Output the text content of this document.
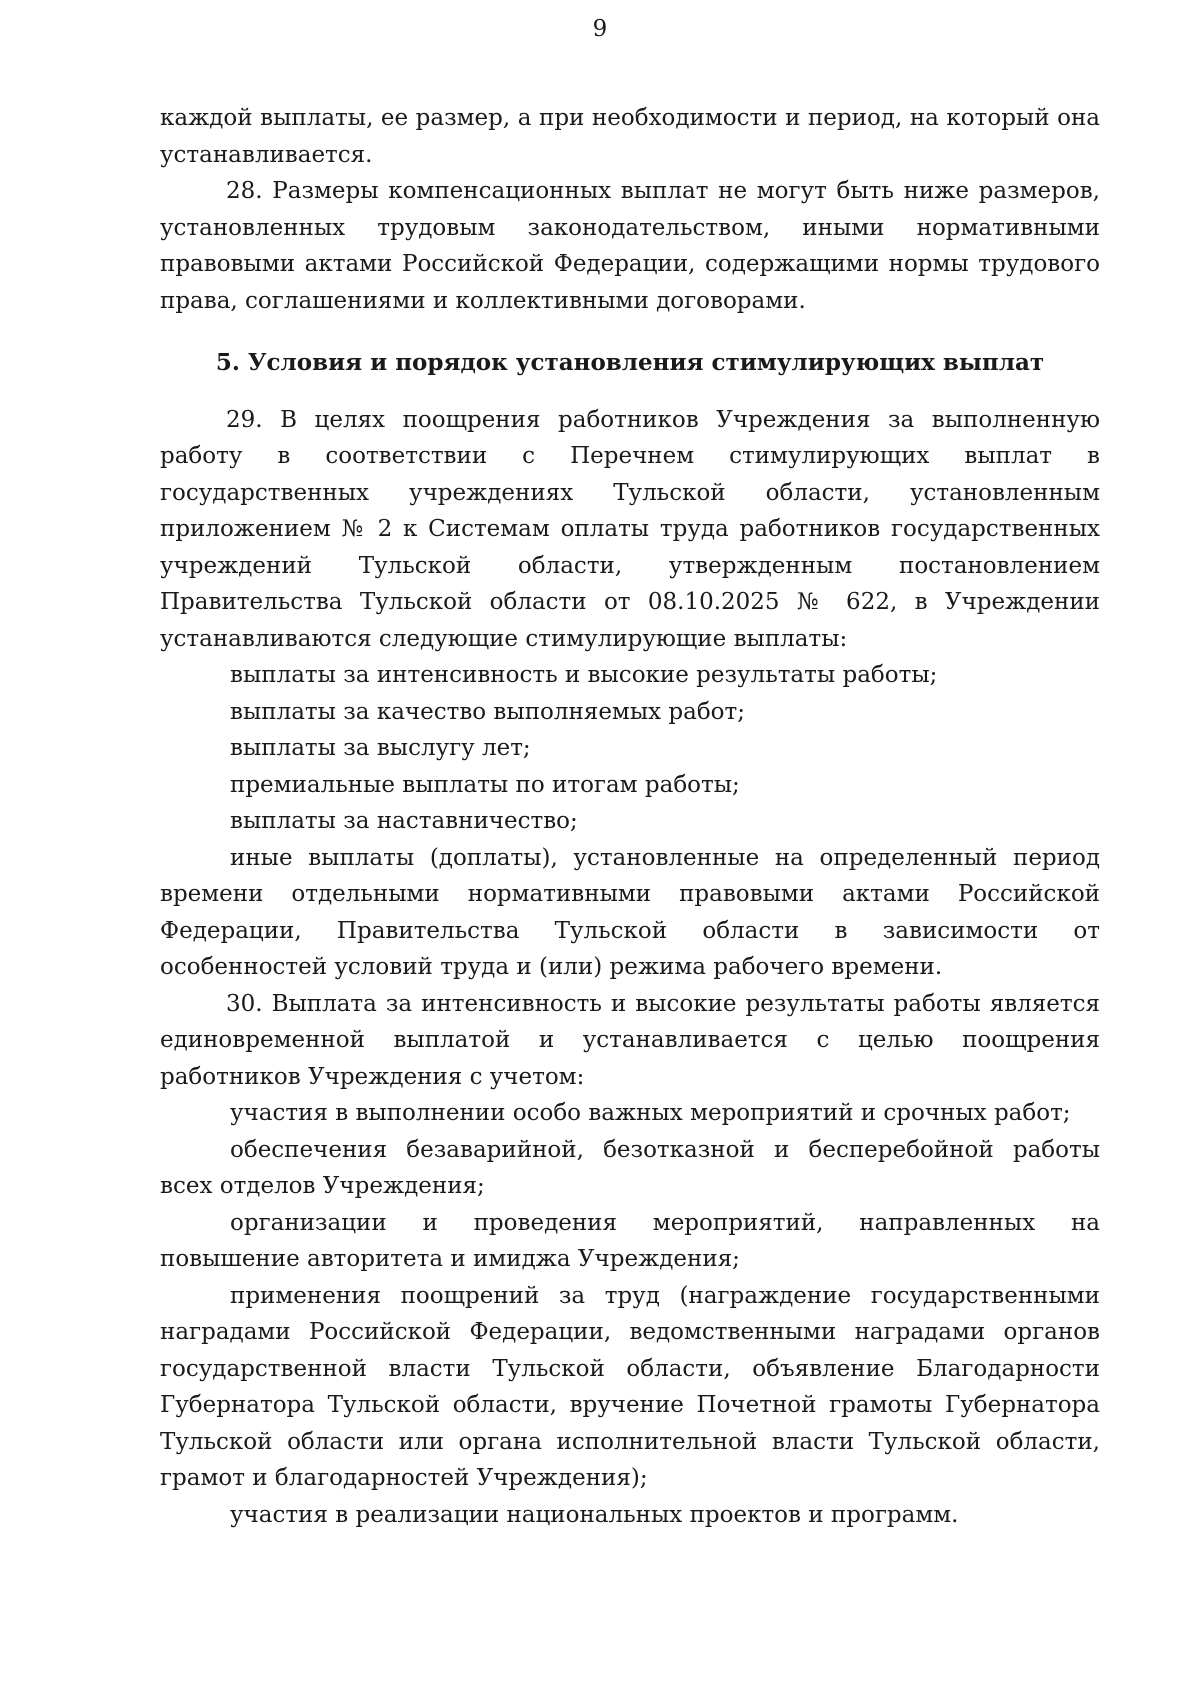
9

каждой выплаты, ее размер, а при необходимости и период, на который она устанавливается.

28. Размеры компенсационных выплат не могут быть ниже размеров, установленных трудовым законодательством, иными нормативными правовыми актами Российской Федерации, содержащими нормы трудового права, соглашениями и коллективными договорами.

5. Условия и порядок установления стимулирующих выплат

29. В целях поощрения работников Учреждения за выполненную работу в соответствии с Перечнем стимулирующих выплат в государственных учреждениях Тульской области, установленным приложением № 2 к Системам оплаты труда работников государственных учреждений Тульской области, утвержденным постановлением Правительства Тульской области от 08.10.2025 № 622, в Учреждении устанавливаются следующие стимулирующие выплаты:

выплаты за интенсивность и высокие результаты работы;

выплаты за качество выполняемых работ;

выплаты за выслугу лет;

премиальные выплаты по итогам работы;

выплаты за наставничество;

иные выплаты (доплаты), установленные на определенный период времени отдельными нормативными правовыми актами Российской Федерации, Правительства Тульской области в зависимости от особенностей условий труда и (или) режима рабочего времени.

30. Выплата за интенсивность и высокие результаты работы является единовременной выплатой и устанавливается с целью поощрения работников Учреждения с учетом:

участия в выполнении особо важных мероприятий и срочных работ;

обеспечения безаварийной, безотказной и бесперебойной работы всех отделов Учреждения;

организации и проведения мероприятий, направленных на повышение авторитета и имиджа Учреждения;

применения поощрений за труд (награждение государственными наградами Российской Федерации, ведомственными наградами органов государственной власти Тульской области, объявление Благодарности Губернатора Тульской области, вручение Почетной грамоты Губернатора Тульской области или органа исполнительной власти Тульской области, грамот и благодарностей Учреждения);

участия в реализации национальных проектов и программ.
